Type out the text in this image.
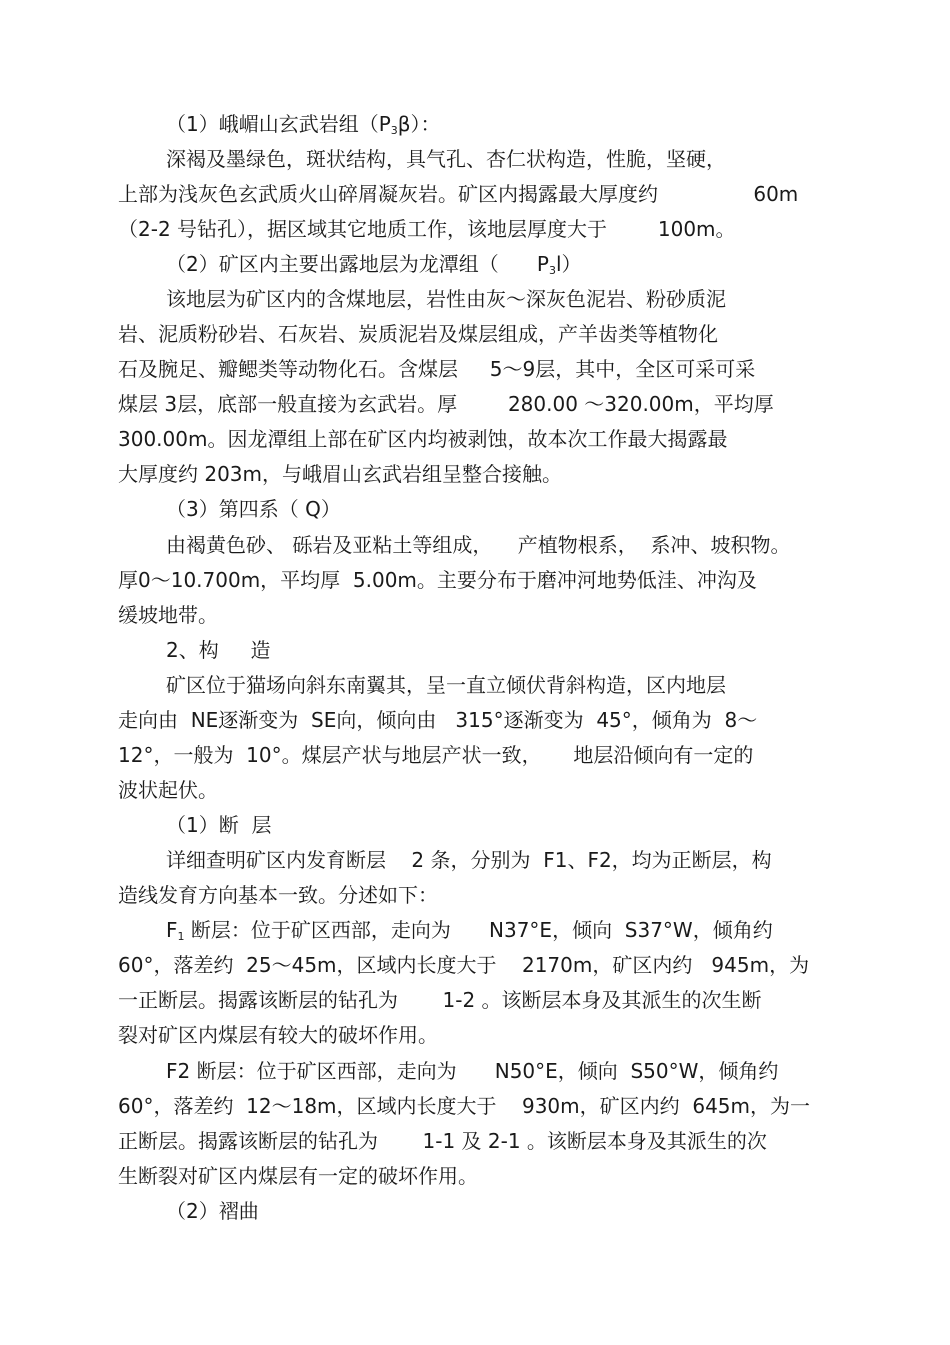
（1）峨嵋山玄武岩组$(P_3\beta)$：
深褐及墨绿色，斑状结构，具气孔、杏仁状构造，性脆，坚硬，
上部为浅灰色玄武质火山碎屑凝灰岩。矿区内揭露最大厚度约               60m
（2-2 号钻孔），据区域其它地质工作，该地层厚度大于        100m。
（2）矿区内主要出露地层为龙潭组（      $P_3l$）
该地层为矿区内的含煤地层，岩性由灰～深灰色泥岩、粉砂质泥
岩、泥质粉砂岩、石灰岩、炭质泥岩及煤层组成，产羊齿类等植物化
石及腕足、瓣鳃类等动物化石。含煤层     5～9层，其中，全区可采可采
煤层 3层，底部一般直接为玄武岩。厚        280.00 ～320.00m，平均厚
300.00m。因龙潭组上部在矿区内均被剥蚀，故本次工作最大揭露最
大厚度约 203m，与峨眉山玄武岩组呈整合接触。
（3）第四系（ Q）
由褐黄色砂、 砾岩及亚粘土等组成，    产植物根系，  系冲、坡积物。
厚0～10.700m，平均厚  5.00m。主要分布于磨冲河地势低洼、冲沟及
缓坡地带。
2、构     造
矿区位于猫场向斜东南翼其，呈一直立倾伏背斜构造，区内地层
走向由  NE逐渐变为  SE向，倾向由   315°逐渐变为  45°，倾角为  8～
12°，一般为  10°。煤层产状与地层产状一致，     地层沿倾向有一定的
波状起伏。
（1）断  层
详细查明矿区内发育断层    2 条，分别为  F1、F2，均为正断层，构
造线发育方向基本一致。分述如下：
$F_1$ 断层：位于矿区西部，走向为      N37°E，倾向  S37°W，倾角约
60°，落差约  25～45m，区域内长度大于    2170m，矿区内约   945m，为
一正断层。揭露该断层的钻孔为       1-2 。该断层本身及其派生的次生断
裂对矿区内煤层有较大的破坏作用。
F2 断层：位于矿区西部，走向为      N50°E，倾向  S50°W，倾角约
60°，落差约  12～18m，区域内长度大于    930m，矿区内约  645m，为一
正断层。揭露该断层的钻孔为       1-1 及 2-1 。该断层本身及其派生的次
生断裂对矿区内煤层有一定的破坏作用。
（2）褶曲
